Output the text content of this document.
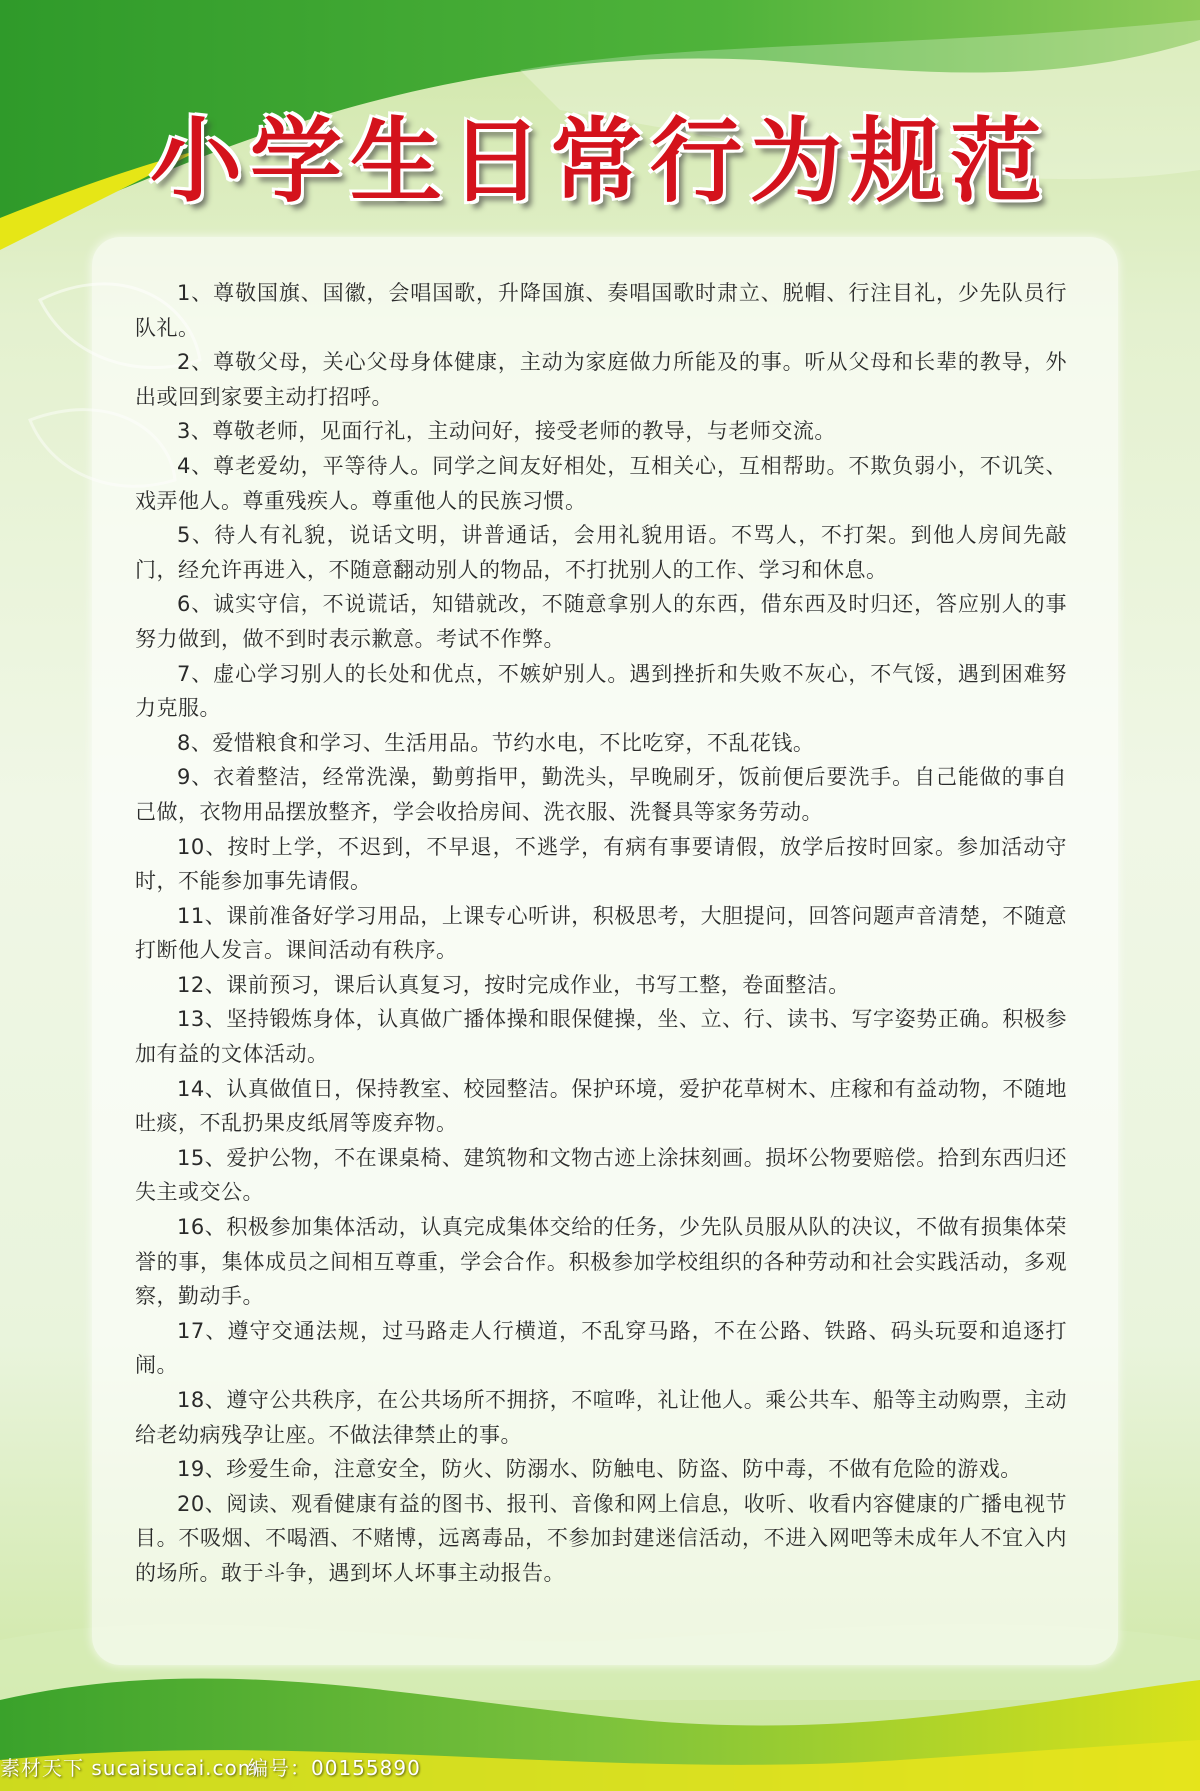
小学生日常行为规范
1、尊敬国旗、国徽，会唱国歌，升降国旗、奏唱国歌时肃立、脱帽、行注目礼，少先队员行队礼。
2、尊敬父母，关心父母身体健康，主动为家庭做力所能及的事。听从父母和长辈的教导，外出或回到家要主动打招呼。
3、尊敬老师，见面行礼，主动问好，接受老师的教导，与老师交流。
4、尊老爱幼，平等待人。同学之间友好相处，互相关心，互相帮助。不欺负弱小，不讥笑、戏弄他人。尊重残疾人。尊重他人的民族习惯。
5、待人有礼貌，说话文明，讲普通话，会用礼貌用语。不骂人，不打架。到他人房间先敲门，经允许再进入，不随意翻动别人的物品，不打扰别人的工作、学习和休息。
6、诚实守信，不说谎话，知错就改，不随意拿别人的东西，借东西及时归还，答应别人的事努力做到，做不到时表示歉意。考试不作弊。
7、虚心学习别人的长处和优点，不嫉妒别人。遇到挫折和失败不灰心，不气馁，遇到困难努力克服。
8、爱惜粮食和学习、生活用品。节约水电，不比吃穿，不乱花钱。
9、衣着整洁，经常洗澡，勤剪指甲，勤洗头，早晚刷牙，饭前便后要洗手。自己能做的事自己做，衣物用品摆放整齐，学会收拾房间、洗衣服、洗餐具等家务劳动。
10、按时上学，不迟到，不早退，不逃学，有病有事要请假，放学后按时回家。参加活动守时，不能参加事先请假。
11、课前准备好学习用品，上课专心听讲，积极思考，大胆提问，回答问题声音清楚，不随意打断他人发言。课间活动有秩序。
12、课前预习，课后认真复习，按时完成作业，书写工整，卷面整洁。
13、坚持锻炼身体，认真做广播体操和眼保健操，坐、立、行、读书、写字姿势正确。积极参加有益的文体活动。
14、认真做值日，保持教室、校园整洁。保护环境，爱护花草树木、庄稼和有益动物，不随地吐痰，不乱扔果皮纸屑等废弃物。
15、爱护公物，不在课桌椅、建筑物和文物古迹上涂抹刻画。损坏公物要赔偿。拾到东西归还失主或交公。
16、积极参加集体活动，认真完成集体交给的任务，少先队员服从队的决议，不做有损集体荣誉的事，集体成员之间相互尊重，学会合作。积极参加学校组织的各种劳动和社会实践活动，多观察，勤动手。
17、遵守交通法规，过马路走人行横道，不乱穿马路，不在公路、铁路、码头玩耍和追逐打闹。
18、遵守公共秩序，在公共场所不拥挤，不喧哗，礼让他人。乘公共车、船等主动购票，主动给老幼病残孕让座。不做法律禁止的事。
19、珍爱生命，注意安全，防火、防溺水、防触电、防盗、防中毒，不做有危险的游戏。
20、阅读、观看健康有益的图书、报刊、音像和网上信息，收听、收看内容健康的广播电视节目。不吸烟、不喝酒、不赌博，远离毒品，不参加封建迷信活动，不进入网吧等未成年人不宜入内的场所。敢于斗争，遇到坏人坏事主动报告。
素材天下 sucaisucai.com
编号：00155890
